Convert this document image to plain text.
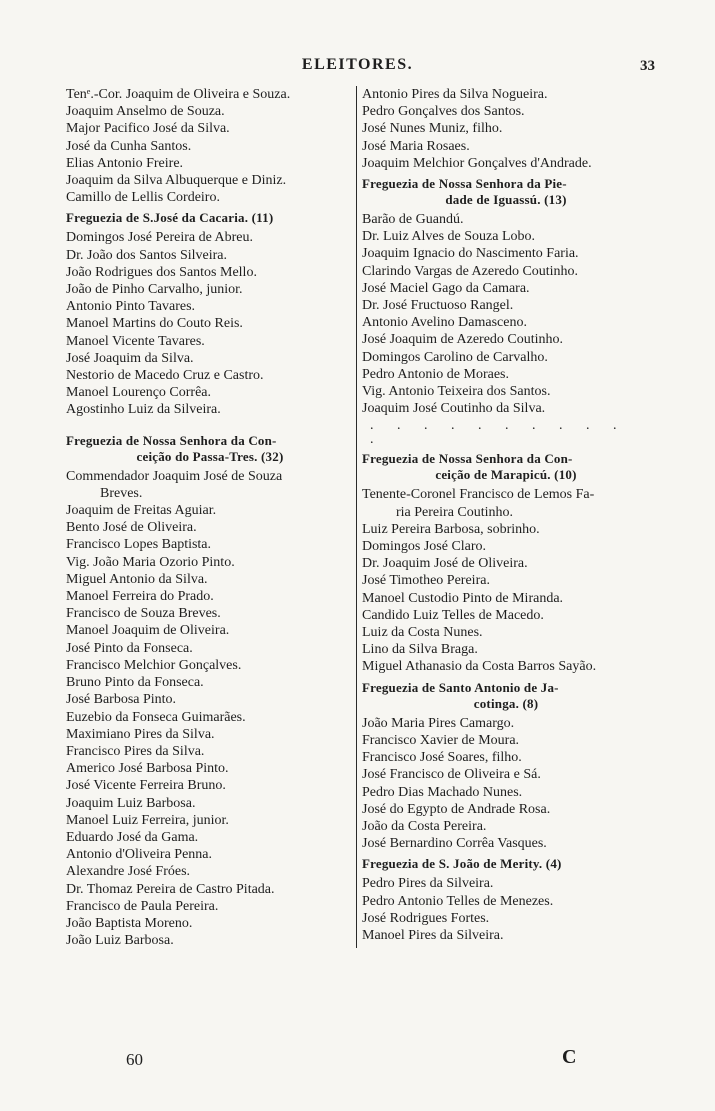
ELEITORES.	33
Tenᵉ.-Cor. Joaquim de Oliveira e Souza.
Joaquim Anselmo de Souza.
Major Pacifico José da Silva.
José da Cunha Santos.
Elias Antonio Freire.
Joaquim da Silva Albuquerque e Diniz.
Camillo de Lellis Cordeiro.
Freguezia de S.José da Cacaria. (11)
Domingos José Pereira de Abreu.
Dr. João dos Santos Silveira.
João Rodrigues dos Santos Mello.
João de Pinho Carvalho, junior.
Antonio Pinto Tavares.
Manoel Martins do Couto Reis.
Manoel Vicente Tavares.
José Joaquim da Silva.
Nestorio de Macedo Cruz e Castro.
Manoel Lourenço Corrêa.
Agostinho Luiz da Silveira.
Freguezia de Nossa Senhora da Con-
ceição do Passa-Tres. (32)
Commendador Joaquim José de Souza
Breves.
Joaquim de Freitas Aguiar.
Bento José de Oliveira.
Francisco Lopes Baptista.
Vig. João Maria Ozorio Pinto.
Miguel Antonio da Silva.
Manoel Ferreira do Prado.
Francisco de Souza Breves.
Manoel Joaquim de Oliveira.
José Pinto da Fonseca.
Francisco Melchior Gonçalves.
Bruno Pinto da Fonseca.
José Barbosa Pinto.
Euzebio da Fonseca Guimarães.
Maximiano Pires da Silva.
Francisco Pires da Silva.
Americo José Barbosa Pinto.
José Vicente Ferreira Bruno.
Joaquim Luiz Barbosa.
Manoel Luiz Ferreira, junior.
Eduardo José da Gama.
Antonio d'Oliveira Penna.
Alexandre José Fróes.
Dr. Thomaz Pereira de Castro Pitada.
Francisco de Paula Pereira.
João Baptista Moreno.
João Luiz Barbosa.
Antonio Pires da Silva Nogueira.
Pedro Gonçalves dos Santos.
José Nunes Muniz, filho.
José Maria Rosaes.
Joaquim Melchior Gonçalves d'Andrade.
Freguezia de Nossa Senhora da Pie-
dade de Iguassú. (13)
Barão de Guandú.
Dr. Luiz Alves de Souza Lobo.
Joaquim Ignacio do Nascimento Faria.
Clarindo Vargas de Azeredo Coutinho.
José Maciel Gago da Camara.
Dr. José Fructuoso Rangel.
Antonio Avelino Damasceno.
José Joaquim de Azeredo Coutinho.
Domingos Carolino de Carvalho.
Pedro Antonio de Moraes.
Vig. Antonio Teixeira dos Santos.
Joaquim José Coutinho da Silva.
. . . . . . . . . . .
Freguezia de Nossa Senhora da Con-
ceição de Marapicú. (10)
Tenente-Coronel Francisco de Lemos Fa-
ria Pereira Coutinho.
Luiz Pereira Barbosa, sobrinho.
Domingos José Claro.
Dr. Joaquim José de Oliveira.
José Timotheo Pereira.
Manoel Custodio Pinto de Miranda.
Candido Luiz Telles de Macedo.
Luiz da Costa Nunes.
Lino da Silva Braga.
Miguel Athanasio da Costa Barros Sayão.
Freguezia de Santo Antonio de Ja-
cotinga. (8)
João Maria Pires Camargo.
Francisco Xavier de Moura.
Francisco José Soares, filho.
José Francisco de Oliveira e Sá.
Pedro Dias Machado Nunes.
José do Egypto de Andrade Rosa.
João da Costa Pereira.
José Bernardino Corrêa Vasques.
Freguezia de S. João de Merity. (4)
Pedro Pires da Silveira.
Pedro Antonio Telles de Menezes.
José Rodrigues Fortes.
Manoel Pires da Silveira.
60	C
